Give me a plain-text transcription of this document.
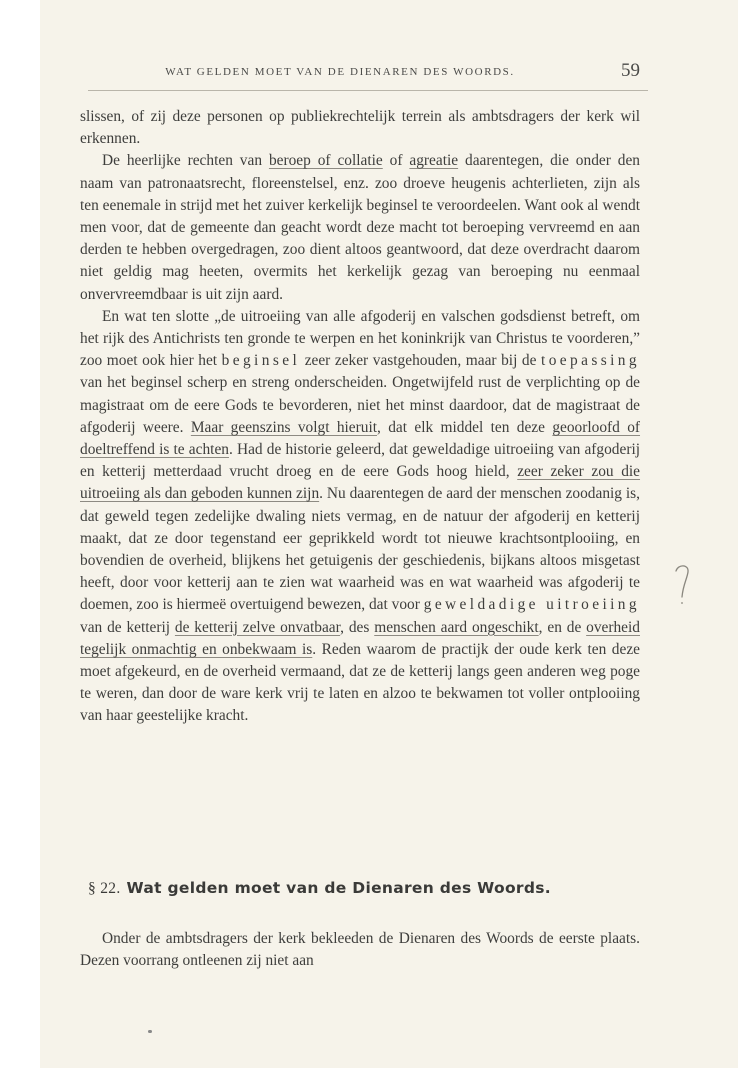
WAT GELDEN MOET VAN DE DIENAREN DES WOORDS.	59

slissen, of zij deze personen op publiekrechtelijk terrein als ambtsdragers der kerk wil erkennen.

De heerlijke rechten van beroep of collatie of agreatie daarentegen, die onder den naam van patronaatsrecht, floreenstelsel, enz. zoo droeve heugenis achterlieten, zijn als ten eenemale in strijd met het zuiver kerkelijk beginsel te veroordeelen. Want ook al wendt men voor, dat de gemeente dan geacht wordt deze macht tot beroeping vervreemd en aan derden te hebben overgedragen, zoo dient altoos geantwoord, dat deze overdracht daarom niet geldig mag heeten, overmits het kerkelijk gezag van beroeping nu eenmaal onvervreemdbaar is uit zijn aard.

En wat ten slotte „de uitroeiing van alle afgoderij en valschen godsdienst betreft, om het rijk des Antichrists ten gronde te werpen en het koninkrijk van Christus te voorderen,” zoo moet ook hier het beginsel zeer zeker vastgehouden, maar bij de toepassing van het beginsel scherp en streng onderscheiden. Ongetwijfeld rust de verplichting op de magistraat om de eere Gods te bevorderen, niet het minst daardoor, dat de magistraat de afgoderij weere. Maar geenszins volgt hieruit, dat elk middel ten deze geoorloofd of doeltreffend is te achten. Had de historie geleerd, dat geweldadige uitroeiing van afgoderij en ketterij metterdaad vrucht droeg en de eere Gods hoog hield, zeer zeker zou die uitroeiing als dan geboden kunnen zijn. Nu daarentegen de aard der menschen zoodanig is, dat geweld tegen zedelijke dwaling niets vermag, en de natuur der afgoderij en ketterij maakt, dat ze door tegenstand eer geprikkeld wordt tot nieuwe krachtsontplooiing, en bovendien de overheid, blijkens het getuigenis der geschiedenis, bijkans altoos misgetast heeft, door voor ketterij aan te zien wat waarheid was en wat waarheid was afgoderij te doemen, zoo is hiermeë overtuigend bewezen, dat voor geweldadige uitroeiing van de ketterij de ketterij zelve onvatbaar, des menschen aard ongeschikt, en de overheid tegelijk onmachtig en onbekwaam is. Reden waarom de practijk der oude kerk ten deze moet afgekeurd, en de overheid vermaand, dat ze de ketterij langs geen anderen weg poge te weren, dan door de ware kerk vrij te laten en alzoo te bekwamen tot voller ontplooiing van haar geestelijke kracht.

§ 22. Wat gelden moet van de Dienaren des Woords.

Onder de ambtsdragers der kerk bekleeden de Dienaren des Woords de eerste plaats. Dezen voorrang ontleenen zij niet aan
